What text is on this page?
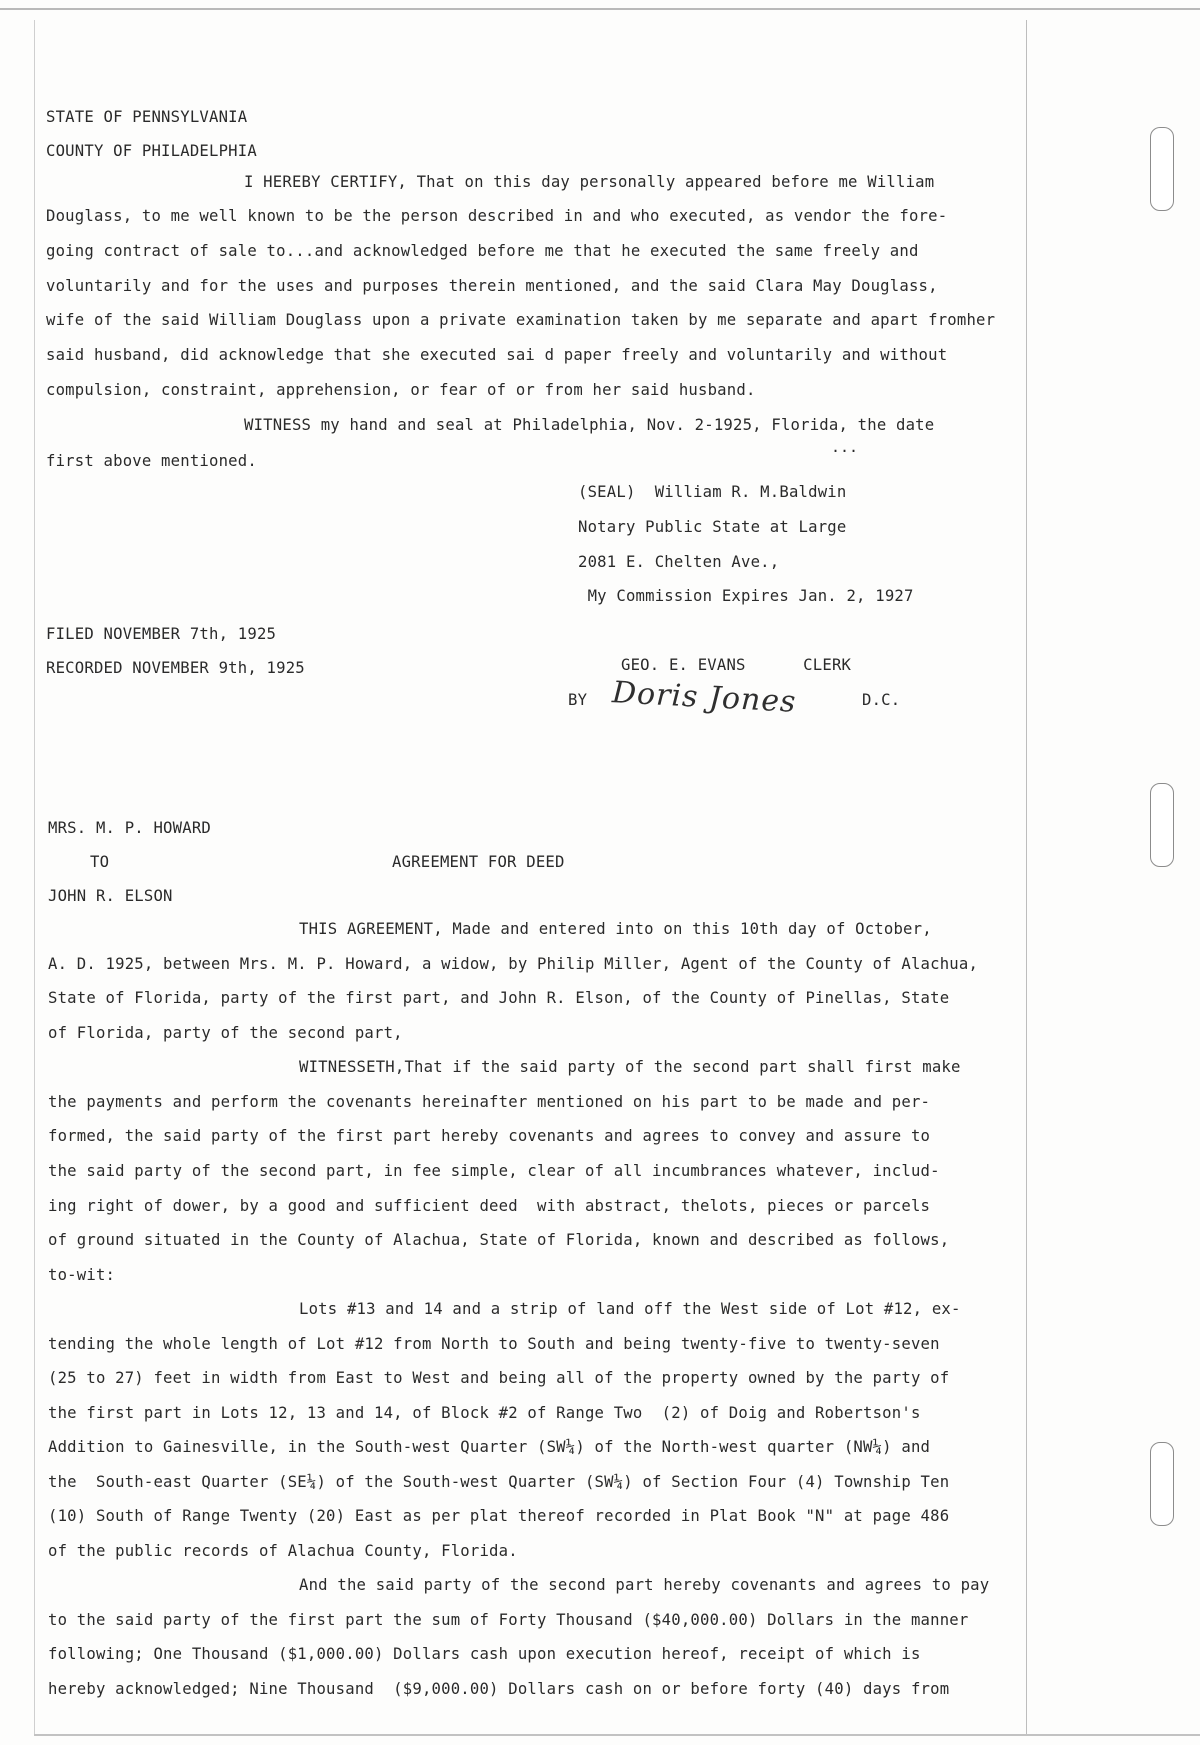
STATE OF PENNSYLVANIA
COUNTY OF PHILADELPHIA
I HEREBY CERTIFY, That on this day personally appeared before me William
Douglass, to me well known to be the person described in and who executed, as vendor the fore-
going contract of sale to...and acknowledged before me that he executed the same freely and
voluntarily and for the uses and purposes therein mentioned, and the said Clara May Douglass,
wife of the said William Douglass upon a private examination taken by me separate and apart fromher
said husband, did acknowledge that she executed sai d paper freely and voluntarily and without
compulsion, constraint, apprehension, or fear of or from her said husband.
WITNESS my hand and seal at Philadelphia, Nov. 2-1925, Florida, the date
...
first above mentioned.
(SEAL)  William R. M.Baldwin
Notary Public State at Large
2081 E. Chelten Ave.,
My Commission Expires Jan. 2, 1927
FILED NOVEMBER 7th, 1925
RECORDED NOVEMBER 9th, 1925	GEO. E. EVANS      CLERK
BY Doris Jones	D.C.
MRS. M. P. HOWARD
TO	AGREEMENT FOR DEED
JOHN R. ELSON
THIS AGREEMENT, Made and entered into on this 10th day of October,
A. D. 1925, between Mrs. M. P. Howard, a widow, by Philip Miller, Agent of the County of Alachua,
State of Florida, party of the first part, and John R. Elson, of the County of Pinellas, State
of Florida, party of the second part,
WITNESSETH,That if the said party of the second part shall first make
the payments and perform the covenants hereinafter mentioned on his part to be made and per-
formed, the said party of the first part hereby covenants and agrees to convey and assure to
the said party of the second part, in fee simple, clear of all incumbrances whatever, includ-
ing right of dower, by a good and sufficient deed  with abstract, thelots, pieces or parcels
of ground situated in the County of Alachua, State of Florida, known and described as follows,
to-wit:
Lots #13 and 14 and a strip of land off the West side of Lot #12, ex-
tending the whole length of Lot #12 from North to South and being twenty-five to twenty-seven
(25 to 27) feet in width from East to West and being all of the property owned by the party of
the first part in Lots 12, 13 and 14, of Block #2 of Range Two  (2) of Doig and Robertson's
Addition to Gainesville, in the South-west Quarter (SW¼) of the North-west quarter (NW¼) and
the  South-east Quarter (SE¼) of the South-west Quarter (SW¼) of Section Four (4) Township Ten
(10) South of Range Twenty (20) East as per plat thereof recorded in Plat Book "N" at page 486
of the public records of Alachua County, Florida.
And the said party of the second part hereby covenants and agrees to pay
to the said party of the first part the sum of Forty Thousand ($40,000.00) Dollars in the manner
following; One Thousand ($1,000.00) Dollars cash upon execution hereof, receipt of which is
hereby acknowledged; Nine Thousand  ($9,000.00) Dollars cash on or before forty (40) days from
